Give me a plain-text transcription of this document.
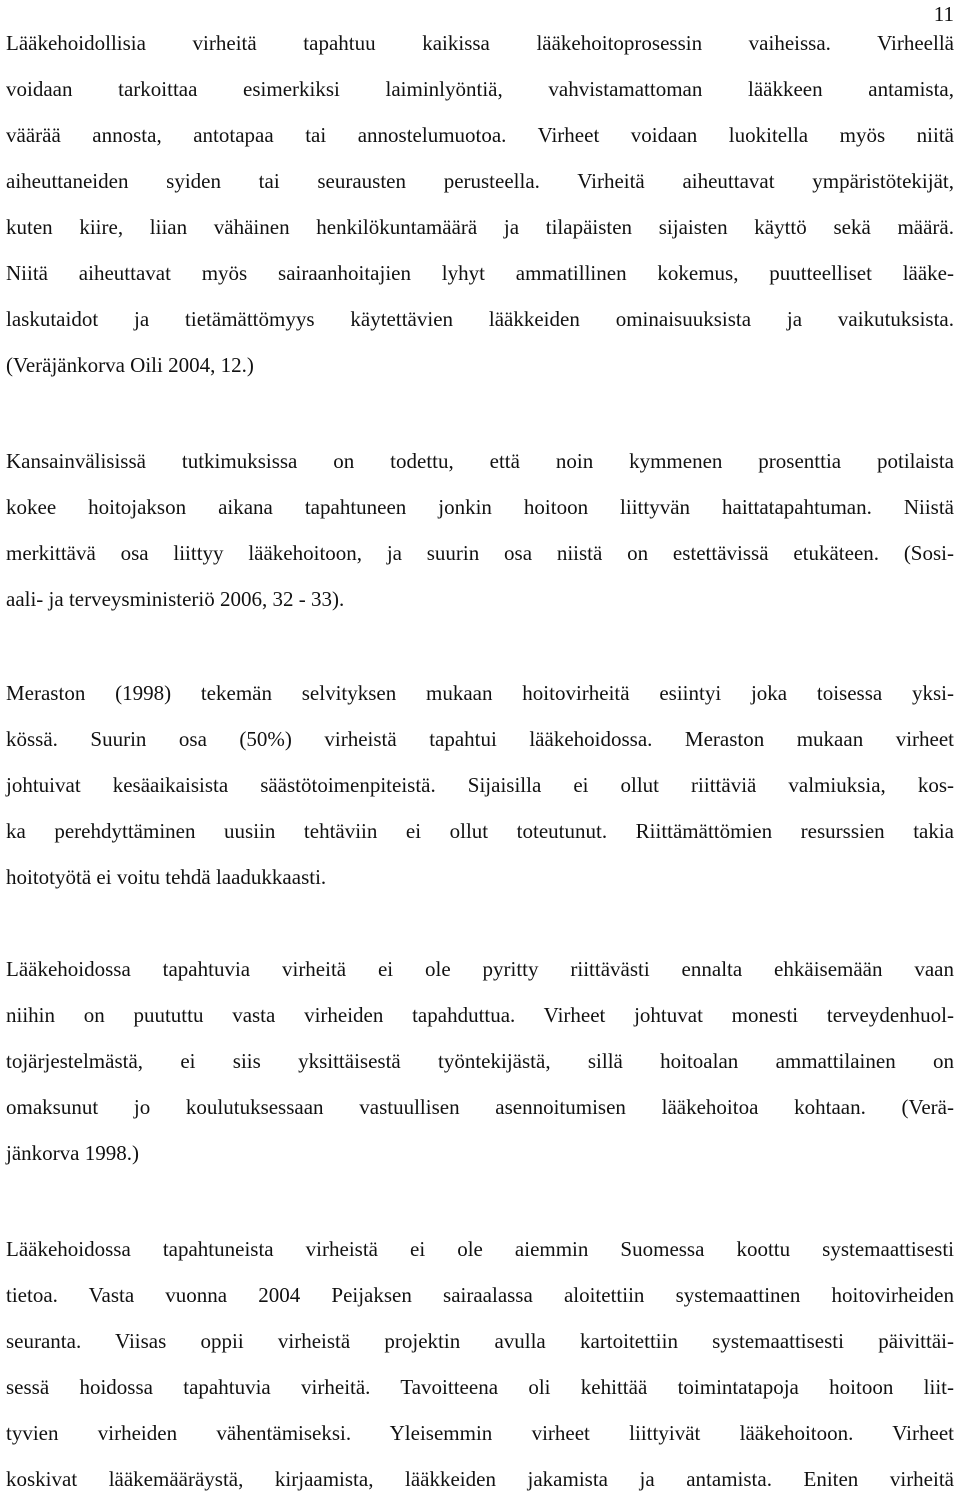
11
Lääkehoidollisia virheitä tapahtuu kaikissa lääkehoitoprosessin vaiheissa. Virheellä
voidaan tarkoittaa esimerkiksi laiminlyöntiä, vahvistamattoman lääkkeen antamista,
väärää annosta, antotapaa tai annostelumuotoa. Virheet voidaan luokitella myös niitä
aiheuttaneiden syiden tai seurausten perusteella. Virheitä aiheuttavat ympäristötekijät,
kuten kiire, liian vähäinen henkilökuntamäärä ja tilapäisten sijaisten käyttö sekä määrä.
Niitä aiheuttavat myös sairaanhoitajien lyhyt ammatillinen kokemus, puutteelliset lääke-
laskutaidot ja tietämättömyys käytettävien lääkkeiden ominaisuuksista ja vaikutuksista.
(Veräjänkorva Oili 2004, 12.)
Kansainvälisissä tutkimuksissa on todettu, että noin kymmenen prosenttia potilaista
kokee hoitojakson aikana tapahtuneen jonkin hoitoon liittyvän haittatapahtuman. Niistä
merkittävä osa liittyy lääkehoitoon, ja suurin osa niistä on estettävissä etukäteen. (Sosi-
aali- ja terveysministeriö 2006, 32 - 33).
Meraston (1998) tekemän selvityksen mukaan hoitovirheitä esiintyi joka toisessa yksi-
kössä. Suurin osa (50%) virheistä tapahtui lääkehoidossa. Meraston mukaan virheet
johtuivat kesäaikaisista säästötoimenpiteistä. Sijaisilla ei ollut riittäviä valmiuksia, kos-
ka perehdyttäminen uusiin tehtäviin ei ollut toteutunut. Riittämättömien resurssien takia
hoitotyötä ei voitu tehdä laadukkaasti.
Lääkehoidossa tapahtuvia virheitä ei ole pyritty riittävästi ennalta ehkäisemään vaan
niihin on puututtu vasta virheiden tapahduttua. Virheet johtuvat monesti terveydenhuol-
tojärjestelmästä, ei siis yksittäisestä työntekijästä, sillä hoitoalan ammattilainen on
omaksunut jo koulutuksessaan vastuullisen asennoitumisen lääkehoitoa kohtaan. (Verä-
jänkorva 1998.)
Lääkehoidossa tapahtuneista virheistä ei ole aiemmin Suomessa koottu systemaattisesti
tietoa. Vasta vuonna 2004 Peijaksen sairaalassa aloitettiin systemaattinen hoitovirheiden
seuranta. Viisas oppii virheistä projektin avulla kartoitettiin systemaattisesti päivittäi-
sessä hoidossa tapahtuvia virheitä. Tavoitteena oli kehittää toimintatapoja hoitoon liit-
tyvien virheiden vähentämiseksi. Yleisemmin virheet liittyivät lääkehoitoon. Virheet
koskivat lääkemääräystä, kirjaamista, lääkkeiden jakamista ja antamista. Eniten virheitä
